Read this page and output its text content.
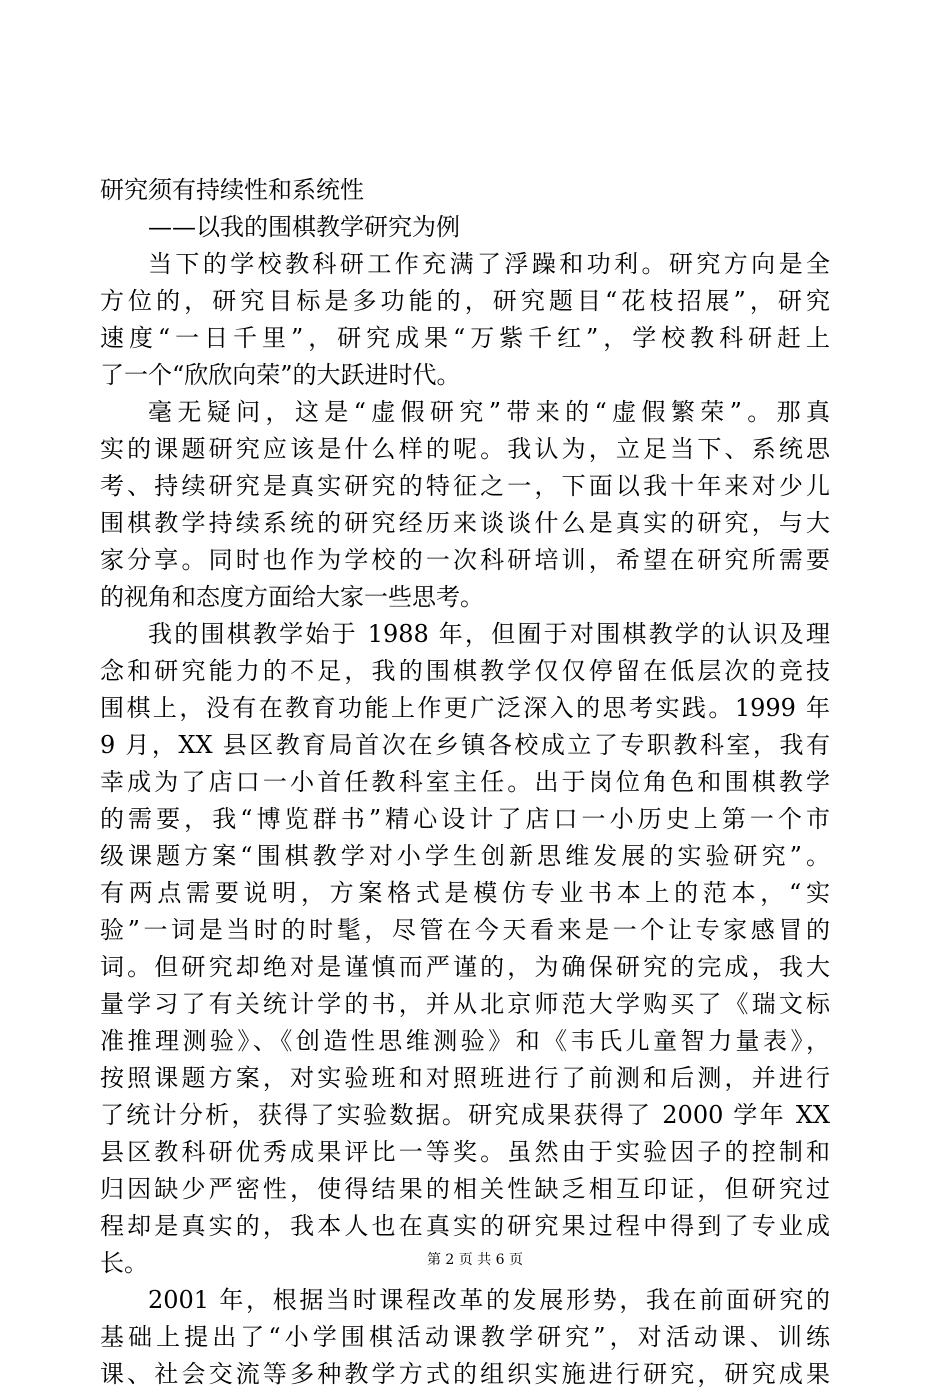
研究须有持续性和系统性
——以我的围棋教学研究为例
当下的学校教科研工作充满了浮躁和功利。研究方向是全
方位的，研究目标是多功能的，研究题目“花枝招展”，研究
速度“一日千里”，研究成果“万紫千红”，学校教科研赶上
了一个“欣欣向荣”的大跃进时代。
毫无疑问，这是“虚假研究”带来的“虚假繁荣”。那真
实的课题研究应该是什么样的呢。我认为，立足当下、系统思
考、持续研究是真实研究的特征之一，下面以我十年来对少儿
围棋教学持续系统的研究经历来谈谈什么是真实的研究，与大
家分享。同时也作为学校的一次科研培训，希望在研究所需要
的视角和态度方面给大家一些思考。
我的围棋教学始于 1988 年，但囿于对围棋教学的认识及理
念和研究能力的不足，我的围棋教学仅仅停留在低层次的竞技
围棋上，没有在教育功能上作更广泛深入的思考实践。1999 年
9 月，XX 县区教育局首次在乡镇各校成立了专职教科室，我有
幸成为了店口一小首任教科室主任。出于岗位角色和围棋教学
的需要，我“博览群书”精心设计了店口一小历史上第一个市
级课题方案“围棋教学对小学生创新思维发展的实验研究”。
有两点需要说明，方案格式是模仿专业书本上的范本，“实
验”一词是当时的时髦，尽管在今天看来是一个让专家感冒的
词。但研究却绝对是谨慎而严谨的，为确保研究的完成，我大
量学习了有关统计学的书，并从北京师范大学购买了《瑞文标
准推理测验》、《创造性思维测验》和《韦氏儿童智力量表》，
按照课题方案，对实验班和对照班进行了前测和后测，并进行
了统计分析，获得了实验数据。研究成果获得了 2000 学年 XX
县区教科研优秀成果评比一等奖。虽然由于实验因子的控制和
归因缺少严密性，使得结果的相关性缺乏相互印证，但研究过
程却是真实的，我本人也在真实的研究果过程中得到了专业成
长。
2001 年，根据当时课程改革的发展形势，我在前面研究的
基础上提出了“小学围棋活动课教学研究”，对活动课、训练
课、社会交流等多种教学方式的组织实施进行研究，研究成果
第 2 页 共 6 页
